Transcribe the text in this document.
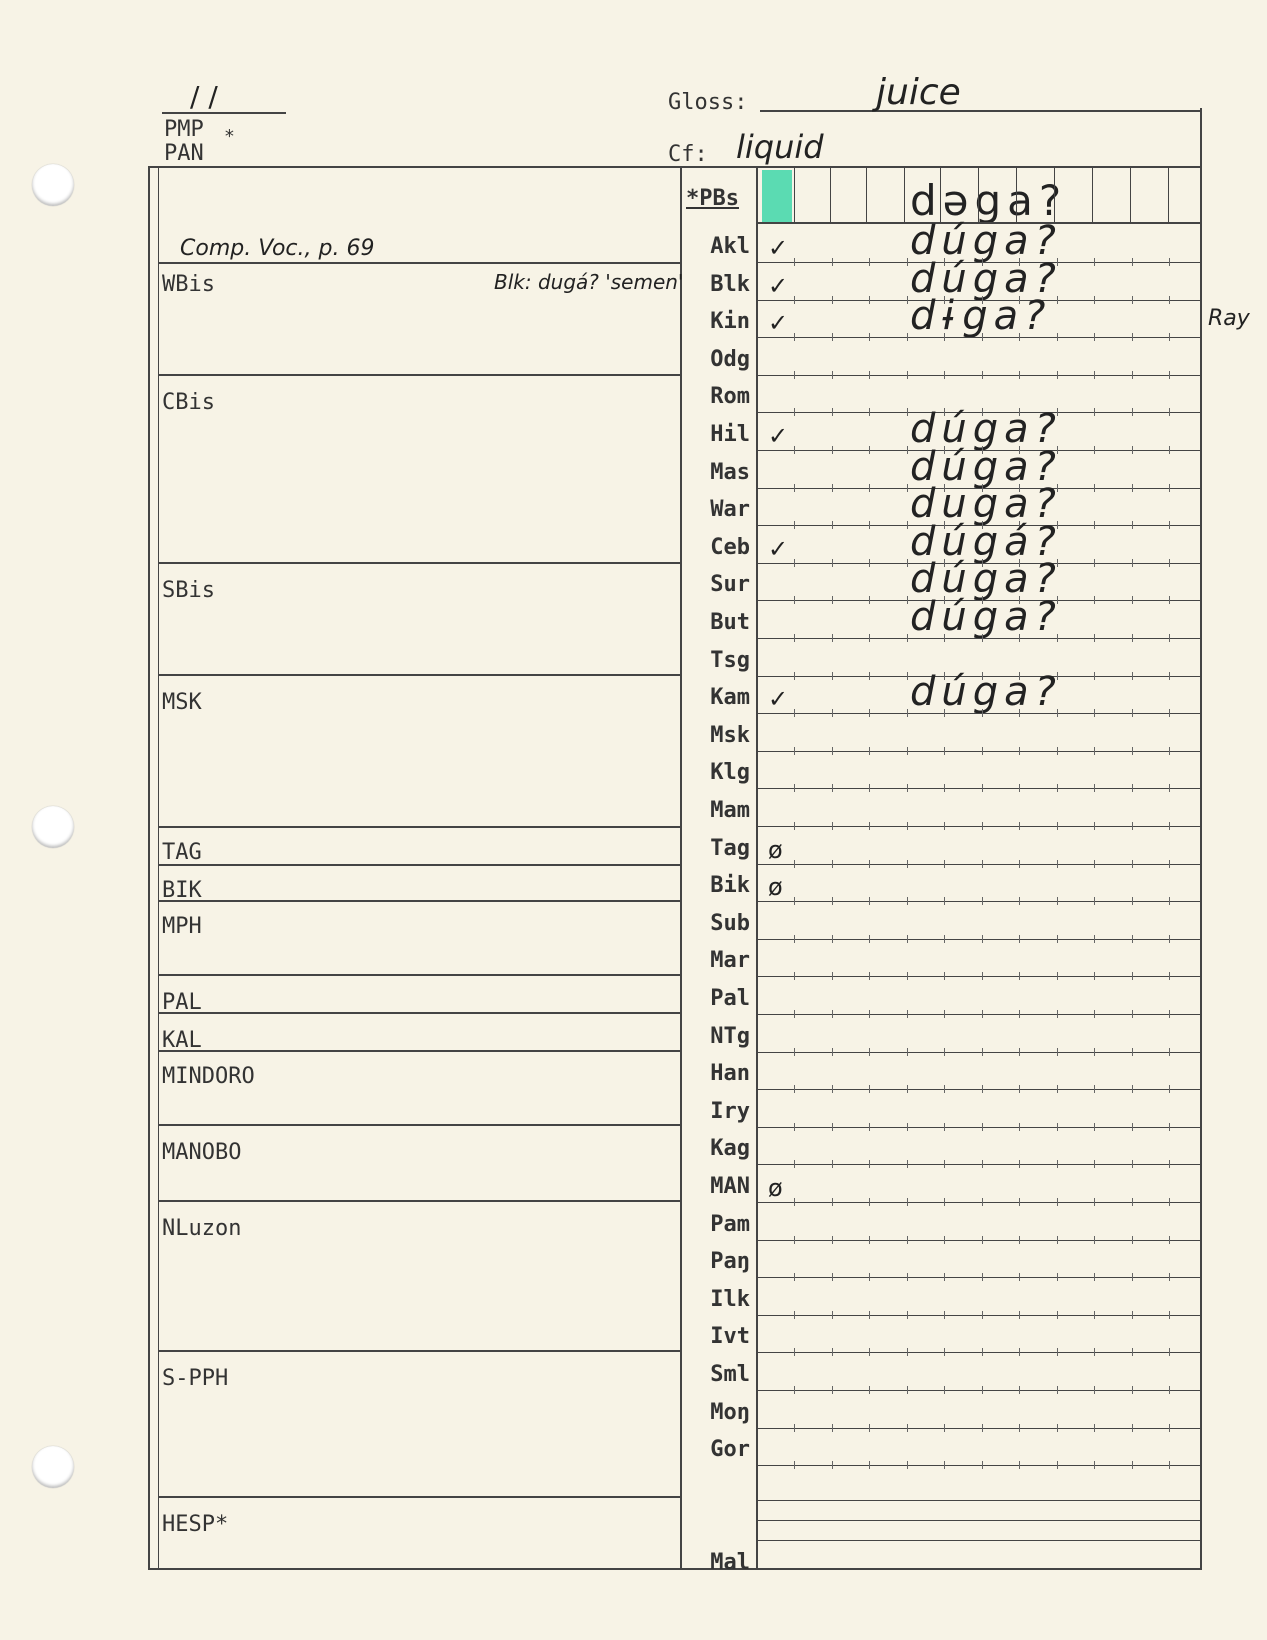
/ /
PMP *
PAN
Gloss:	juice
Cf: liquid
WBis
CBis
SBis
MSK
TAG
BIK
MPH
PAL
KAL
MINDORO
MANOBO
NLuzon
S-PPH
HESP*
Comp. Voc., p. 69
Blk: dugá? 'semen'
*PBs	dəga?
Ray
Akl ✓	dúga?
Blk ✓	dúga?
Kin ✓	dɨga?
Odg
Rom
Hil ✓	dúga?
Mas	dúga?
War	duga?
Ceb ✓	dúgá?
Sur	dúga?
But	dúga?
Tsg
Kam ✓	dúga?
Msk
Klg
Mam
Tag ø
Bik ø
Sub
Mar
Pal
NTg
Han
Iry
Kag
MAN ø
Pam
Paŋ
Ilk
Ivt
Sml
Moŋ
Gor
Mal
